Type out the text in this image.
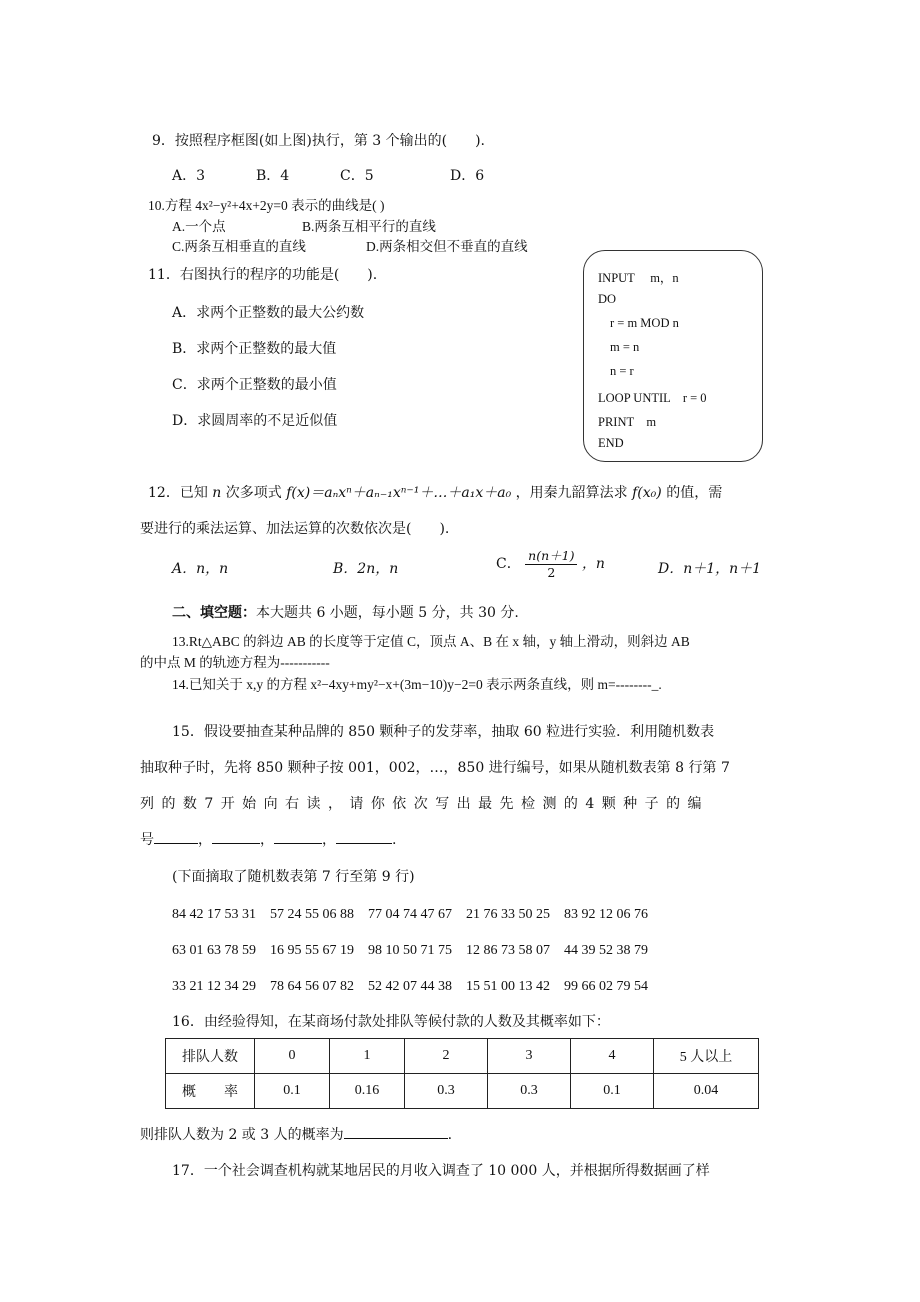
9．按照程序框图(如上图)执行，第 3 个输出的(　　).
A．3	B．4	C．5	D．6
10.方程 4x²−y²+4x+2y=0 表示的曲线是( )
A.一个点	B.两条互相平行的直线
C.两条互相垂直的直线	D.两条相交但不垂直的直线
11．右图执行的程序的功能是(　　).
A．求两个正整数的最大公约数
B．求两个正整数的最大值
C．求两个正整数的最小值
D．求圆周率的不足近似值
INPUT　 m，n
DO
r = m MOD n
m = n
n = r
LOOP UNTIL　r = 0
PRINT　m
END
12．已知 n 次多项式 f(x)＝aₙxⁿ＋aₙ₋₁xⁿ⁻¹＋…＋a₁x＋a₀ ，用秦九韶算法求 f(x₀) 的值，需
要进行的乘法运算、加法运算的次数依次是(　　).
A．n，n	B．2n，n	C． $\frac{n(n+1)}{2}$ ，n	D．n＋1，n＋1
二、填空题：本大题共 6 小题，每小题 5 分，共 30 分.
13.Rt△ABC 的斜边 AB 的长度等于定值 C，顶点 A、B 在 x 轴，y 轴上滑动，则斜边 AB
的中点 M 的轨迹方程为-----------
14.已知关于 x,y 的方程 x²−4xy+my²−x+(3m−10)y−2=0 表示两条直线，则 m=--------_.
15．假设要抽查某种品牌的 850 颗种子的发芽率，抽取 60 粒进行实验．利用随机数表
抽取种子时，先将 850 颗种子按 001，002，…，850 进行编号，如果从随机数表第 8 行第 7
列 的 数 7 开 始 向 右 读 ， 请 你 依 次 写 出 最 先 检 测 的 4 颗 种 子 的 编
号	，	，	，	.
(下面摘取了随机数表第 7 行至第 9 行)
84 42 17 53 31　57 24 55 06 88　77 04 74 47 67　21 76 33 50 25　83 92 12 06 76
63 01 63 78 59　16 95 55 67 19　98 10 50 71 75　12 86 73 58 07　44 39 52 38 79
33 21 12 34 29　78 64 56 07 82　52 42 07 44 38　15 51 00 13 42　99 66 02 79 54
16．由经验得知，在某商场付款处排队等候付款的人数及其概率如下：
排队人数	0	1	2	3	4	5 人以上
概　　率	0.1	0.16	0.3	0.3	0.1	0.04
则排队人数为 2 或 3 人的概率为	.
17．一个社会调查机构就某地居民的月收入调查了 10 000 人，并根据所得数据画了样
